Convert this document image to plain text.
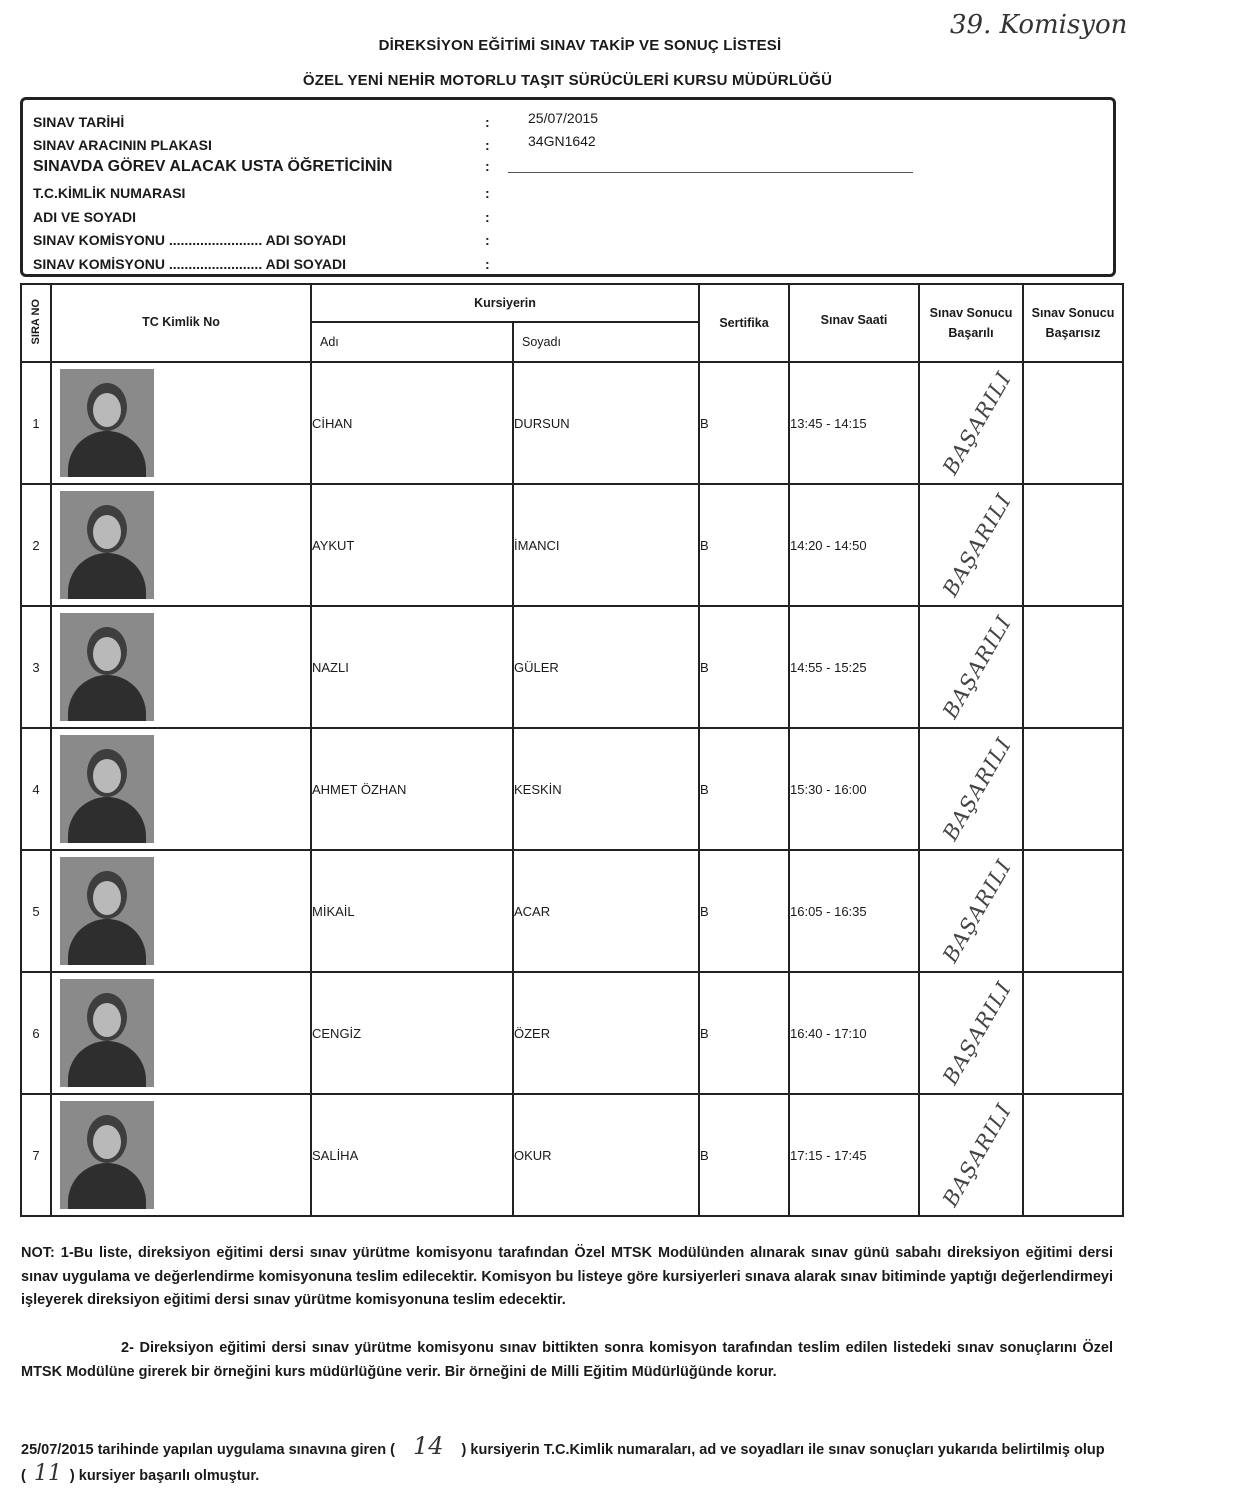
DİREKSİYON EĞİTİMİ SINAV TAKİP VE SONUÇ LİSTESİ
ÖZEL YENİ NEHİR MOTORLU TAŞIT SÜRÜCÜLERİ KURSU MÜDÜRLÜĞÜ
39. Komisyon
SINAV TARİHİ	:	25/07/2015
SINAV ARACININ PLAKASI	:	34GN1642
SINAVDA GÖREV ALACAK USTA ÖĞRETİCİNİN	:
T.C.KİMLİK NUMARASI	:
ADI VE SOYADI	:
SINAV KOMİSYONU ........................ ADI SOYADI	:
SINAV KOMİSYONU ........................ ADI SOYADI	:
SIRA NO	TC Kimlik No	Kursiyerin		Sertifika	Sınav Saati	Sınav Sonucu Başarılı	Sınav Sonucu Başarısız
		Adı	Soyadı				
1		CİHAN	DURSUN	B	13:45 - 14:15	BAŞARILI	
2		AYKUT	İMANCI	B	14:20 - 14:50	BAŞARILI	
3		NAZLI	GÜLER	B	14:55 - 15:25	BAŞARILI	
4		AHMET ÖZHAN	KESKİN	B	15:30 - 16:00	BAŞARILI	
5		MİKAİL	ACAR	B	16:05 - 16:35	BAŞARILI	
6		CENGİZ	ÖZER	B	16:40 - 17:10	BAŞARILI	
7		SALİHA	OKUR	B	17:15 - 17:45	BAŞARILI	
NOT: 1-Bu liste, direksiyon eğitimi dersi sınav yürütme komisyonu tarafından Özel MTSK Modülünden alınarak sınav günü sabahı direksiyon eğitimi dersi sınav uygulama ve değerlendirme komisyonuna teslim edilecektir. Komisyon bu listeye göre kursiyerleri sınava alarak sınav bitiminde yaptığı değerlendirmeyi işleyerek direksiyon eğitimi dersi sınav yürütme komisyonuna teslim edecektir.
2- Direksiyon eğitimi dersi sınav yürütme komisyonu sınav bittikten sonra komisyon tarafından teslim edilen listedeki sınav sonuçlarını Özel MTSK Modülüne girerek bir örneğini kurs müdürlüğüne verir. Bir örneğini de Milli Eğitim Müdürlüğünde korur.
25/07/2015 tarihinde yapılan uygulama sınavına giren ( 14 ) kursiyerin T.C.Kimlik numaraları, ad ve soyadları ile sınav sonuçları yukarıda belirtilmiş olup ( 11 ) kursiyer başarılı olmuştur.
